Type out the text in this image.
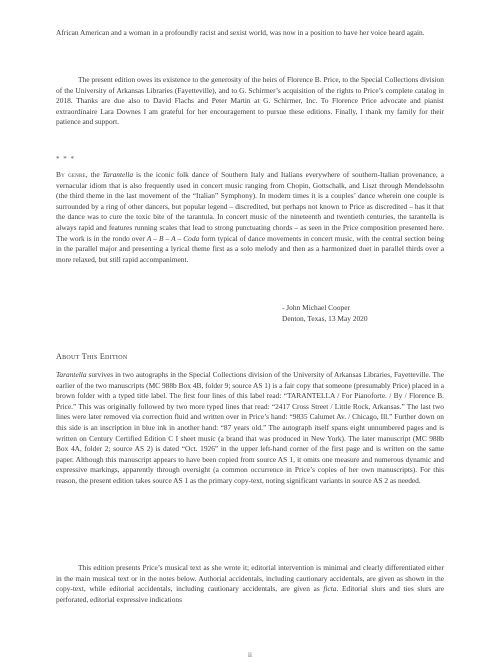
African American and a woman in a profoundly racist and sexist world, was now in a position to have her voice heard again.

The present edition owes its existence to the generosity of the heirs of Florence B. Price, to the Special Collections division of the University of Arkansas Libraries (Fayetteville), and to G. Schirmer’s acquisition of the rights to Price’s complete catalog in 2018. Thanks are due also to David Flachs and Peter Martin at G. Schirmer, Inc. To Florence Price advocate and pianist extraordinaire Lara Downes I am grateful for her encouragement to pursue these editions. Finally, I thank my family for their patience and support.

* * *

By genre, the Tarantella is the iconic folk dance of Southern Italy and Italians everywhere of southern-Italian provenance, a vernacular idiom that is also frequently used in concert music ranging from Chopin, Gottschalk, and Liszt through Mendelssohn (the third theme in the last movement of the “Italian” Symphony). In modern times it is a couples’ dance wherein one couple is surrounded by a ring of other dancers, but popular legend – discredited, but perhaps not known to Price as discredited – has it that the dance was to cure the toxic bite of the tarantula. In concert music of the nineteenth and twentieth centuries, the tarantella is always rapid and features running scales that lead to strong punctuating chords – as seen in the Price composition presented here. The work is in the rondo over A – B – A – Coda form typical of dance movements in concert music, with the central section being in the parallel major and presenting a lyrical theme first as a solo melody and then as a harmonized duet in parallel thirds over a more relaxed, but still rapid accompaniment.

- John Michael Cooper
Denton, Texas, 13 May 2020
About This Edition

Tarantella survives in two autographs in the Special Collections division of the University of Arkansas Libraries, Fayetteville. The earlier of the two manuscripts (MC 988b Box 4B, folder 9; source AS 1) is a fair copy that someone (presumably Price) placed in a brown folder with a typed title label. The first four lines of this label read: “TARANTELLA / For Pianoforte. / By / Florence B. Price.” This was originally followed by two more typed lines that read: “2417 Cross Street / Little Rock, Arkansas.” The last two lines were later removed via correction fluid and written over in Price’s hand: “9835 Calumet Av. / Chicago, Ill.” Further down on this side is an inscription in blue ink in another hand: “87 years old.” The autograph itself spans eight unnumbered pages and is written on Century Certified Edition C I sheet music (a brand that was produced in New York). The later manuscript (MC 988b Box 4A, folder 2; source AS 2) is dated “Oct. 1926” in the upper left-hand corner of the first page and is written on the same paper. Although this manuscript appears to have been copied from source AS 1, it omits one measure and numerous dynamic and expressive markings, apparently through oversight (a common occurrence in Price’s copies of her own manuscripts). For this reason, the present edition takes source AS 1 as the primary copy-text, noting significant variants in source AS 2 as needed.

This edition presents Price’s musical text as she wrote it; editorial intervention is minimal and clearly differentiated either in the main musical text or in the notes below. Authorial accidentals, including cautionary accidentals, are given as shown in the copy-text, while editorial accidentals, including cautionary accidentals, are given as ficta. Editorial slurs and ties slurs are perforated, editorial expressive indications

ii
